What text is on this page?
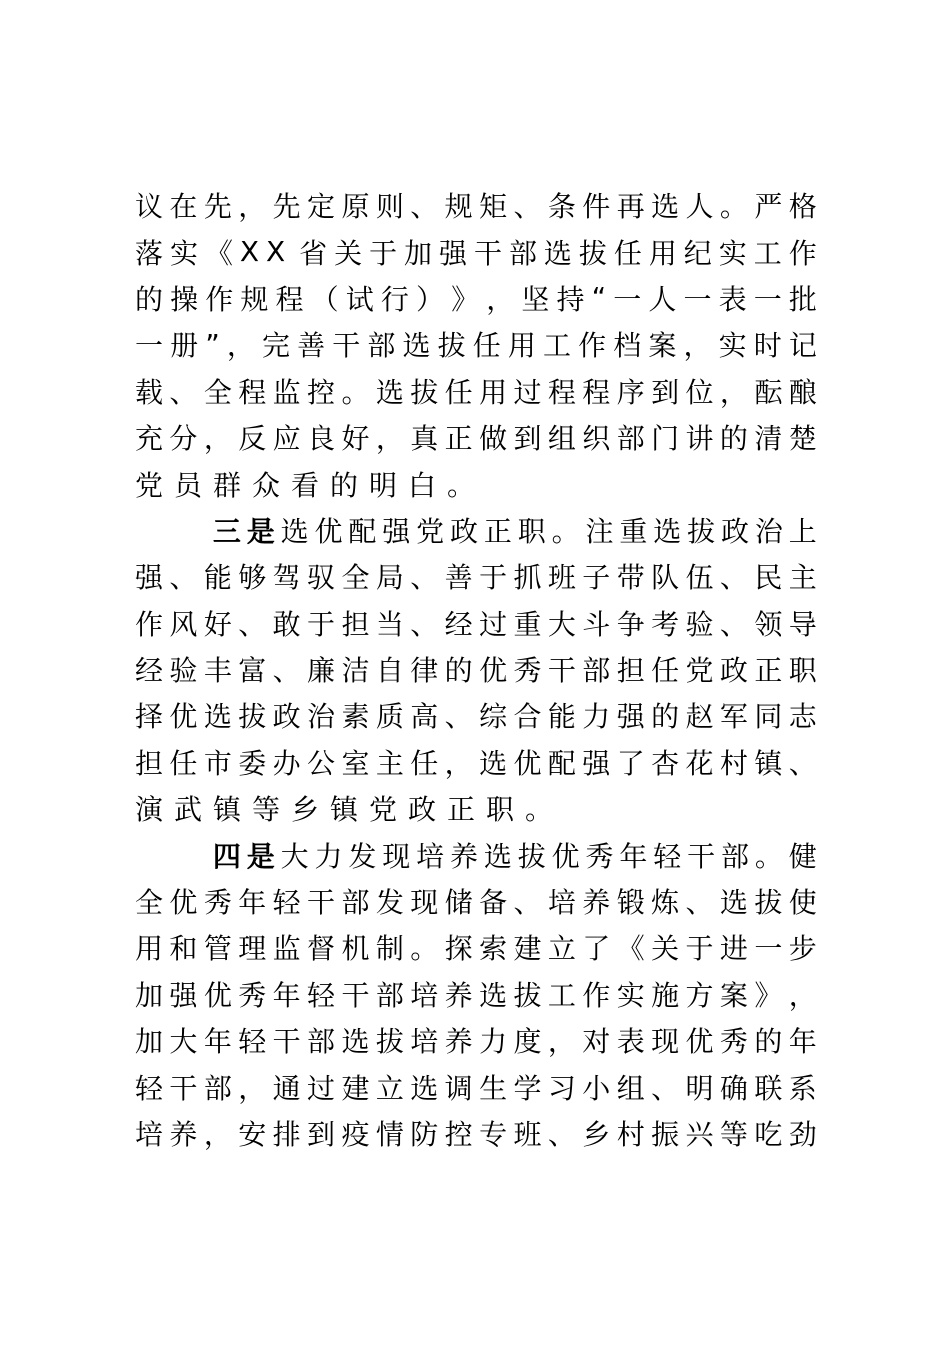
议 在 先 ， 先 定 原 则 、 规 矩 、 条 件 再 选 人 。 严 格
落 实 《 X X 省 关 于 加 强 干 部 选 拔 任 用 纪 实 工 作
的 操 作 规 程 （ 试 行 ） 》 ， 坚 持 “ 一 人 一 表 一 批
一 册 ” ， 完 善 干 部 选 拔 任 用 工 作 档 案 ， 实 时 记
载 、 全 程 监 控 。 选 拔 任 用 过 程 程 序 到 位 ， 酝 酿
充 分 ， 反 应 良 好 ， 真 正 做 到 组 织 部 门 讲 的 清 楚
党员群众看的明白。
三 是 选 优 配 强 党 政 正 职 。 注 重 选 拔 政 治 上
强 、 能 够 驾 驭 全 局 、 善 于 抓 班 子 带 队 伍 、 民 主
作 风 好 、 敢 于 担 当 、 经 过 重 大 斗 争 考 验 、 领 导
经 验 丰 富 、 廉 洁 自 律 的 优 秀 干 部 担 任 党 政 正 职
择 优 选 拔 政 治 素 质 高 、 综 合 能 力 强 的 赵 军 同 志
担 任 市 委 办 公 室 主 任 ， 选 优 配 强 了 杏 花 村 镇 、
演武镇等乡镇党政正职。
四 是 大 力 发 现 培 养 选 拔 优 秀 年 轻 干 部 。 健
全 优 秀 年 轻 干 部 发 现 储 备 、 培 养 锻 炼 、 选 拔 使
用 和 管 理 监 督 机 制 。 探 索 建 立 了 《 关 于 进 一 步
加 强 优 秀 年 轻 干 部 培 养 选 拔 工 作 实 施 方 案 》 ，
加 大 年 轻 干 部 选 拔 培 养 力 度 ， 对 表 现 优 秀 的 年
轻 干 部 ， 通 过 建 立 选 调 生 学 习 小 组 、 明 确 联 系
培 养 ， 安 排 到 疫 情 防 控 专 班 、 乡 村 振 兴 等 吃 劲
